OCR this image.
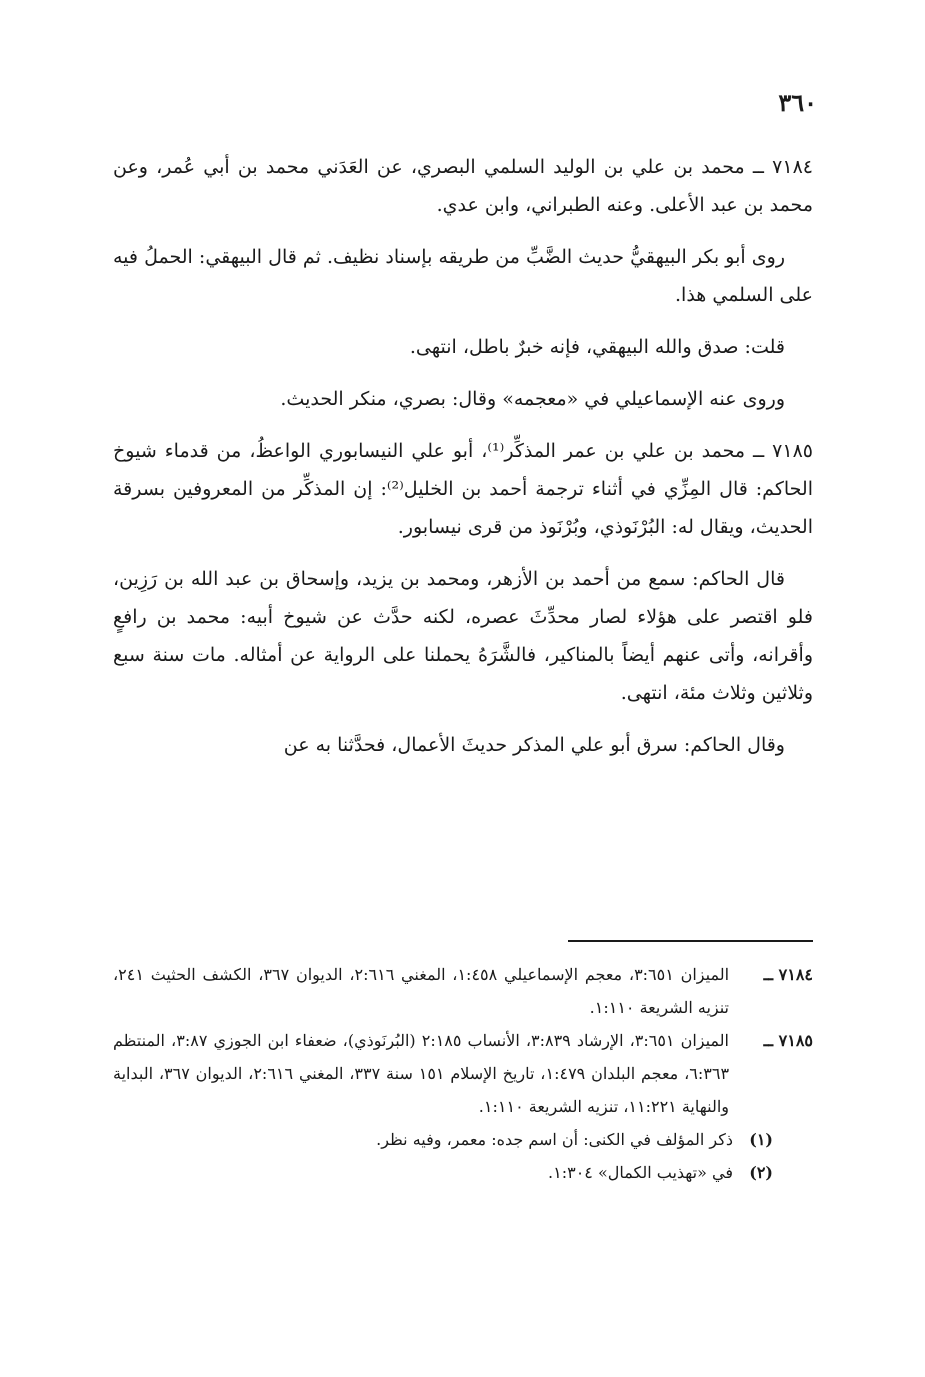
٣٦٠

٧١٨٤ ــ محمد بن علي بن الوليد السلمي البصري، عن العَدَني محمد بن أبي عُمر، وعن محمد بن عبد الأعلى. وعنه الطبراني، وابن عدي.

روى أبو بكر البيهقيُّ حديث الضَّبِّ من طريقه بإسناد نظيف. ثم قال البيهقي: الحملُ فيه على السلمي هذا.

قلت: صدق والله البيهقي، فإنه خبرٌ باطل، انتهى.

وروى عنه الإسماعيلي في «معجمه» وقال: بصري، منكر الحديث.

٧١٨٥ ــ محمد بن علي بن عمر المذكِّر⁽¹⁾، أبو علي النيسابوري الواعظُ، من قدماء شيوخ الحاكم: قال المِزِّي في أثناء ترجمة أحمد بن الخليل⁽²⁾: إن المذكِّر من المعروفين بسرقة الحديث، ويقال له: البُرْنَوذي، وبُرْنَوذ من قرى نيسابور.

قال الحاكم: سمع من أحمد بن الأزهر، ومحمد بن يزيد، وإسحاق بن عبد الله بن رَزِين، فلو اقتصر على هؤلاء لصار محدِّثَ عصره، لكنه حدَّث عن شيوخ أبيه: محمد بن رافعٍ وأقرانه، وأتى عنهم أيضاً بالمناكير، فالشَّرَهُ يحملنا على الرواية عن أمثاله. مات سنة سبع وثلاثين وثلاث مئة، انتهى.

وقال الحاكم: سرق أبو علي المذكر حديثَ الأعمال، فحدَّثنا به عن

٧١٨٤ ــ
الميزان ٣:٦٥١، معجم الإسماعيلي ١:٤٥٨، المغني ٢:٦١٦، الديوان ٣٦٧، الكشف الحثيث ٢٤١، تنزيه الشريعة ١:١١٠.
٧١٨٥ ــ
الميزان ٣:٦٥١، الإرشاد ٣:٨٣٩، الأنساب ٢:١٨٥ (البُرنَوذي)، ضعفاء ابن الجوزي ٣:٨٧، المنتظم ٦:٣٦٣، معجم البلدان ١:٤٧٩، تاريخ الإسلام ١٥١ سنة ٣٣٧، المغني ٢:٦١٦، الديوان ٣٦٧، البداية والنهاية ١١:٢٢١، تنزيه الشريعة ١:١١٠.
(١)
ذكر المؤلف في الكنى: أن اسم جده: معمر، وفيه نظر.
(٢)
في «تهذيب الكمال» ١:٣٠٤.
